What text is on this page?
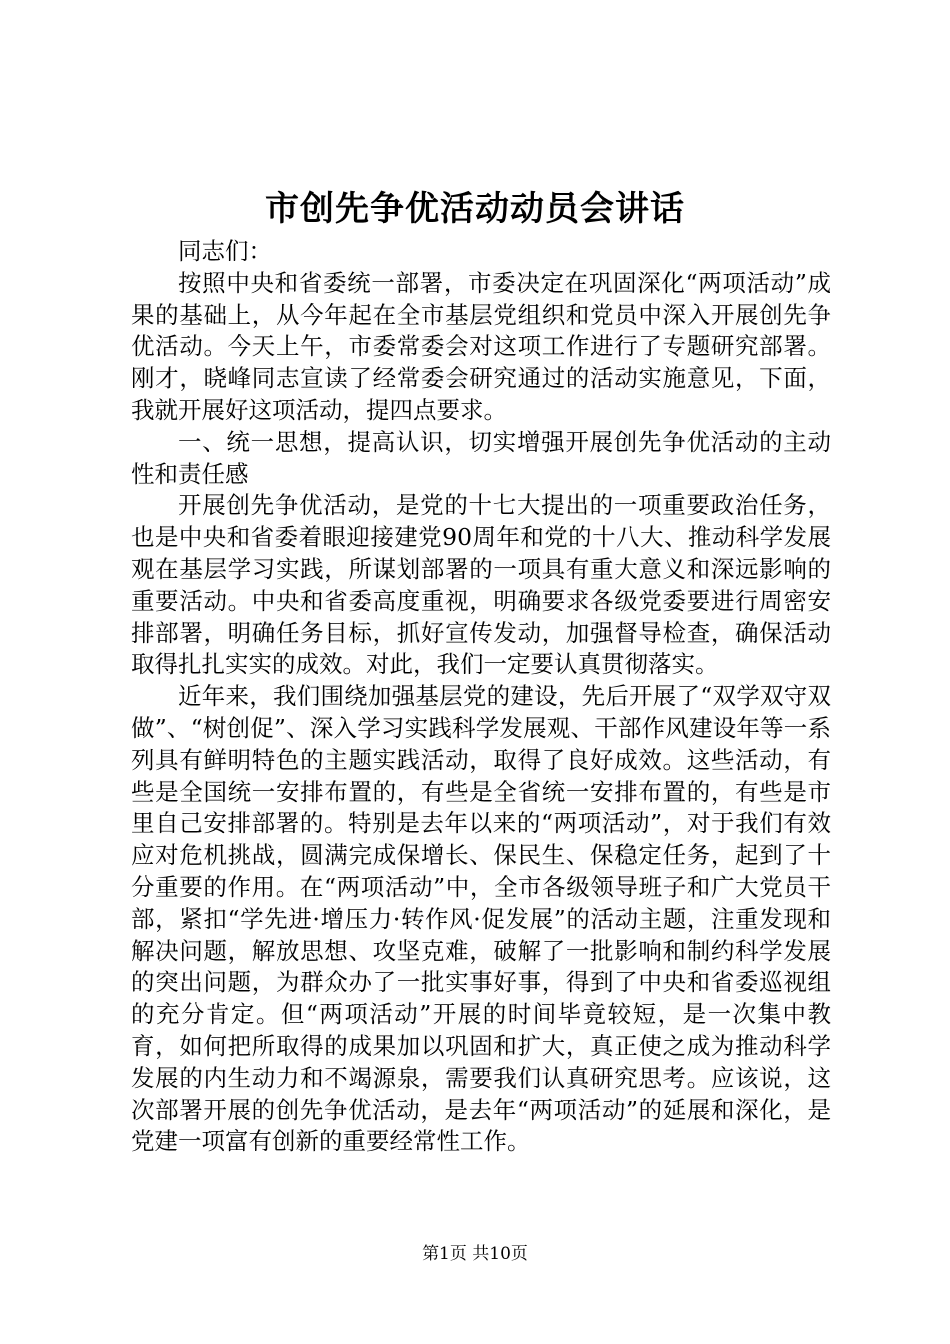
市创先争优活动动员会讲话

同志们：

按照中央和省委统一部署，市委决定在巩固深化“两项活动”成果的基础上，从今年起在全市基层党组织和党员中深入开展创先争优活动。今天上午，市委常委会对这项工作进行了专题研究部署。刚才，晓峰同志宣读了经常委会研究通过的活动实施意见，下面，我就开展好这项活动，提四点要求。

一、统一思想，提高认识，切实增强开展创先争优活动的主动性和责任感

开展创先争优活动，是党的十七大提出的一项重要政治任务，也是中央和省委着眼迎接建党90周年和党的十八大、推动科学发展观在基层学习实践，所谋划部署的一项具有重大意义和深远影响的重要活动。中央和省委高度重视，明确要求各级党委要进行周密安排部署，明确任务目标，抓好宣传发动，加强督导检查，确保活动取得扎扎实实的成效。对此，我们一定要认真贯彻落实。

近年来，我们围绕加强基层党的建设，先后开展了“双学双守双做”、“树创促”、深入学习实践科学发展观、干部作风建设年等一系列具有鲜明特色的主题实践活动，取得了良好成效。这些活动，有些是全国统一安排布置的，有些是全省统一安排布置的，有些是市里自己安排部署的。特别是去年以来的“两项活动”，对于我们有效应对危机挑战，圆满完成保增长、保民生、保稳定任务，起到了十分重要的作用。在“两项活动”中，全市各级领导班子和广大党员干部，紧扣“学先进·增压力·转作风·促发展”的活动主题，注重发现和解决问题，解放思想、攻坚克难，破解了一批影响和制约科学发展的突出问题，为群众办了一批实事好事，得到了中央和省委巡视组的充分肯定。但“两项活动”开展的时间毕竟较短，是一次集中教育，如何把所取得的成果加以巩固和扩大，真正使之成为推动科学发展的内生动力和不竭源泉，需要我们认真研究思考。应该说，这次部署开展的创先争优活动，是去年“两项活动”的延展和深化，是党建一项富有创新的重要经常性工作。

第1页 共10页
